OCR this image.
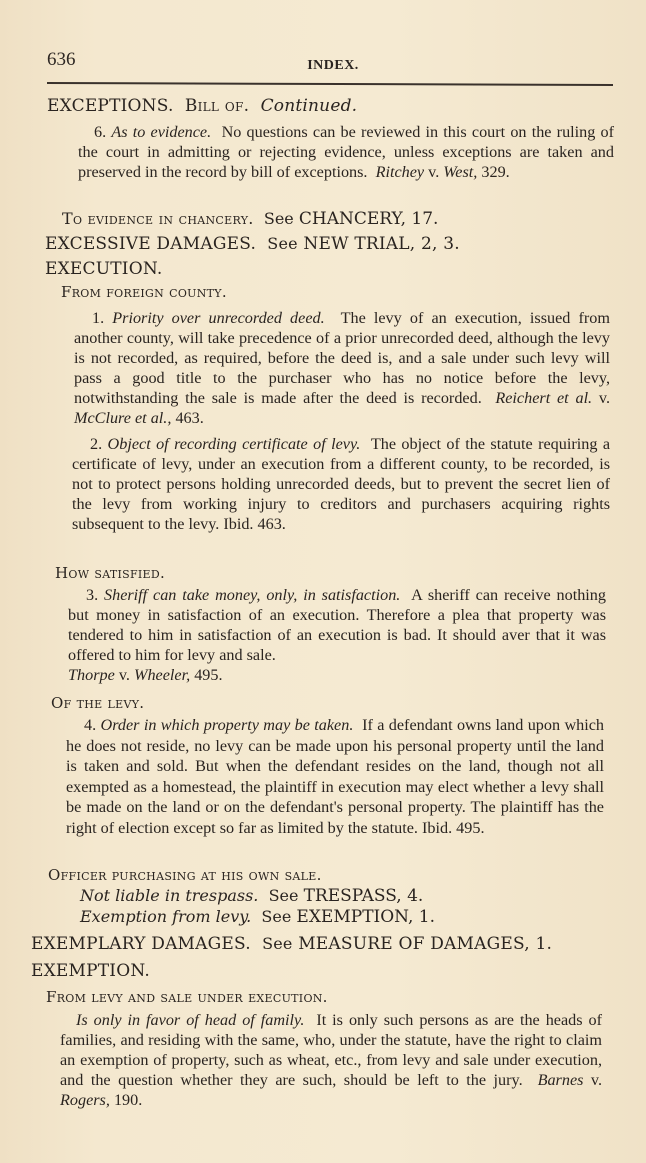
636	INDEX.
EXCEPTIONS. Bill of. Continued.

6. As to evidence. No questions can be reviewed in this court on the ruling of the court in admitting or rejecting evidence, unless exceptions are taken and preserved in the record by bill of exceptions. Ritchey v. West, 329.

To evidence in chancery. See CHANCERY, 17.
EXCESSIVE DAMAGES. See NEW TRIAL, 2, 3.
EXECUTION.
From foreign county.

1. Priority over unrecorded deed. The levy of an execution, issued from another county, will take precedence of a prior unrecorded deed, although the levy is not recorded, as required, before the deed is, and a sale under such levy will pass a good title to the purchaser who has no notice before the levy, notwithstanding the sale is made after the deed is recorded. Reichert et al. v. McClure et al., 463.

2. Object of recording certificate of levy. The object of the statute requiring a certificate of levy, under an execution from a different county, to be recorded, is not to protect persons holding unrecorded deeds, but to prevent the secret lien of the levy from working injury to creditors and purchasers acquiring rights subsequent to the levy. Ibid. 463.

How satisfied.

3. Sheriff can take money, only, in satisfaction. A sheriff can receive nothing but money in satisfaction of an execution. Therefore a plea that property was tendered to him in satisfaction of an execution is bad. It should aver that it was offered to him for levy and sale.
Thorpe v. Wheeler, 495.

Of the levy.

4. Order in which property may be taken. If a defendant owns land upon which he does not reside, no levy can be made upon his personal property until the land is taken and sold. But when the defendant resides on the land, though not all exempted as a homestead, the plaintiff in execution may elect whether a levy shall be made on the land or on the defendant's personal property. The plaintiff has the right of election except so far as limited by the statute. Ibid. 495.

Officer purchasing at his own sale.
Not liable in trespass. See TRESPASS, 4.
Exemption from levy. See EXEMPTION, 1.
EXEMPLARY DAMAGES. See MEASURE OF DAMAGES, 1.
EXEMPTION.
From levy and sale under execution.

Is only in favor of head of family. It is only such persons as are the heads of families, and residing with the same, who, under the statute, have the right to claim an exemption of property, such as wheat, etc., from levy and sale under execution, and the question whether they are such, should be left to the jury. Barnes v. Rogers, 190.
